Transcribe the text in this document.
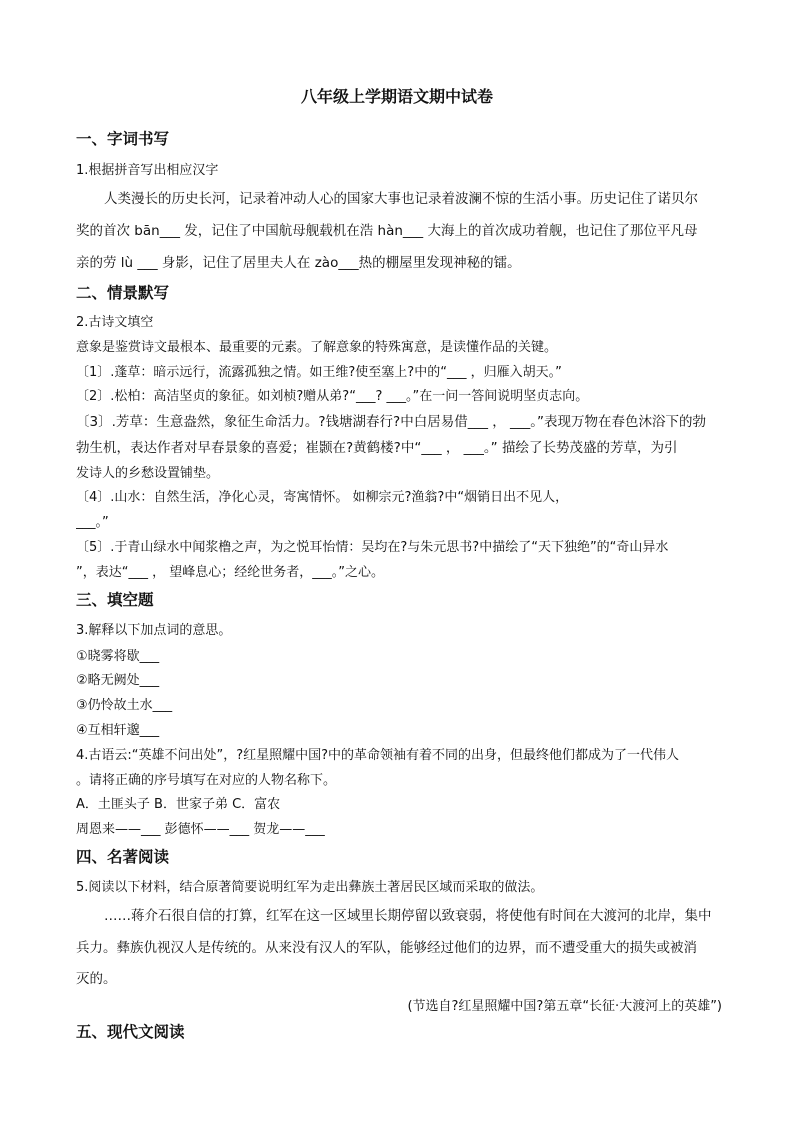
八年级上学期语文期中试卷
一、字词书写
1.根据拼音写出相应汉字
人类漫长的历史长河，记录着冲动人心的国家大事也记录着波澜不惊的生活小事。历史记住了诺贝尔
奖的首次 bān___ 发，记住了中国航母舰载机在浩 hàn___ 大海上的首次成功着舰，也记住了那位平凡母
亲的劳 lù ___ 身影，记住了居里夫人在 zào___热的棚屋里发现神秘的镭。
二、情景默写
2.古诗文填空
意象是鉴赏诗文最根本、最重要的元素。了解意象的特殊寓意，是读懂作品的关键。
〔1〕.蓬草：暗示远行，流露孤独之情。如王维?使至塞上?中的“___ ，归雁入胡天。”
〔2〕.松柏：高洁坚贞的象征。如刘桢?赠从弟?“___? ___。”在一问一答间说明坚贞志向。
〔3〕.芳草：生意盎然，象征生命活力。?钱塘湖春行?中白居易借___ ， ___。”表现万物在春色沐浴下的勃
勃生机，表达作者对早春景象的喜爱；崔颢在?黄鹤楼?中“___ ， ___。” 描绘了长势茂盛的芳草，为引
发诗人的乡愁设置铺垫。
〔4〕.山水：自然生活，净化心灵，寄寓情怀。 如柳宗元?渔翁?中“烟销日出不见人，
___。”
〔5〕.于青山绿水中闻浆橹之声，为之悦耳怡情：吴均在?与朱元思书?中描绘了“天下独绝”的“奇山异水
”，表达“___ ， 望峰息心；经纶世务者，___。”之心。
三、填空题
3.解释以下加点词的意思。
①晓雾将歇___
②略无阙处___
③仍怜故土水___
④互相轩邈___
4.古语云:“英雄不问出处”，?红星照耀中国?中的革命领袖有着不同的出身，但最终他们都成为了一代伟人
。请将正确的序号填写在对应的人物名称下。
A．土匪头子 B．世家子弟 C．富农
周恩来——___ 彭德怀——___ 贺龙——___
四、名著阅读
5.阅读以下材料，结合原著简要说明红军为走出彝族土著居民区域而采取的做法。
……蒋介石很自信的打算，红军在这一区域里长期停留以致衰弱，将使他有时间在大渡河的北岸，集中
兵力。彝族仇视汉人是传统的。从来没有汉人的军队，能够经过他们的边界，而不遭受重大的损失或被消
灭的。
(节选自?红星照耀中国?第五章“长征·大渡河上的英雄”)
五、现代文阅读
